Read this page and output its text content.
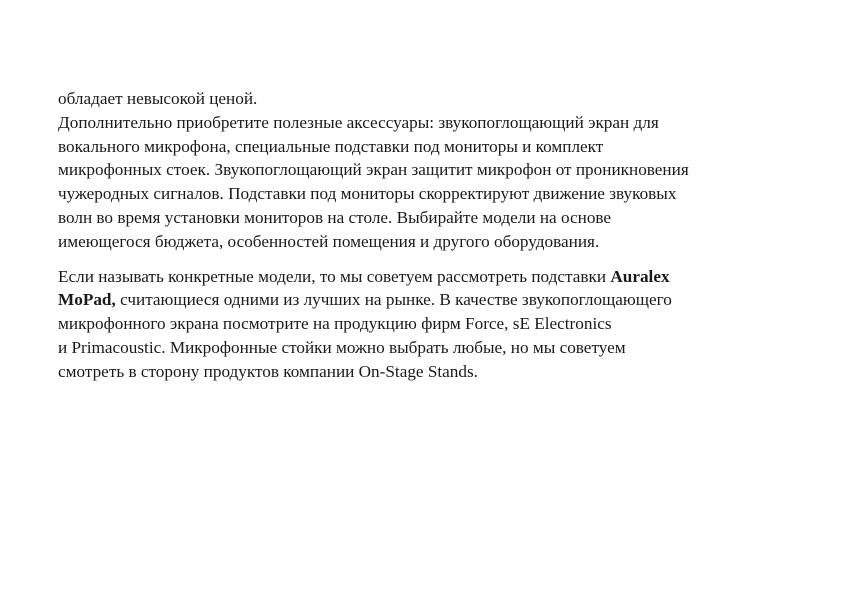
обладает невысокой ценой.
Дополнительно приобретите полезные аксессуары: звукопоглощающий экран для
вокального микрофона, специальные подставки под мониторы и комплект
микрофонных стоек. Звукопоглощающий экран защитит микрофон от проникновения
чужеродных сигналов. Подставки под мониторы скорректируют движение звуковых
волн во время установки мониторов на столе. Выбирайте модели на основе
имеющегося бюджета, особенностей помещения и другого оборудования.

Если называть конкретные модели, то мы советуем рассмотреть подставки Auralex
MoPad, считающиеся одними из лучших на рынке. В качестве звукопоглощающего
микрофонного экрана посмотрите на продукцию фирм Force, sE Electronics
и Primacoustic. Микрофонные стойки можно выбрать любые, но мы советуем
смотреть в сторону продуктов компании On-Stage Stands.
